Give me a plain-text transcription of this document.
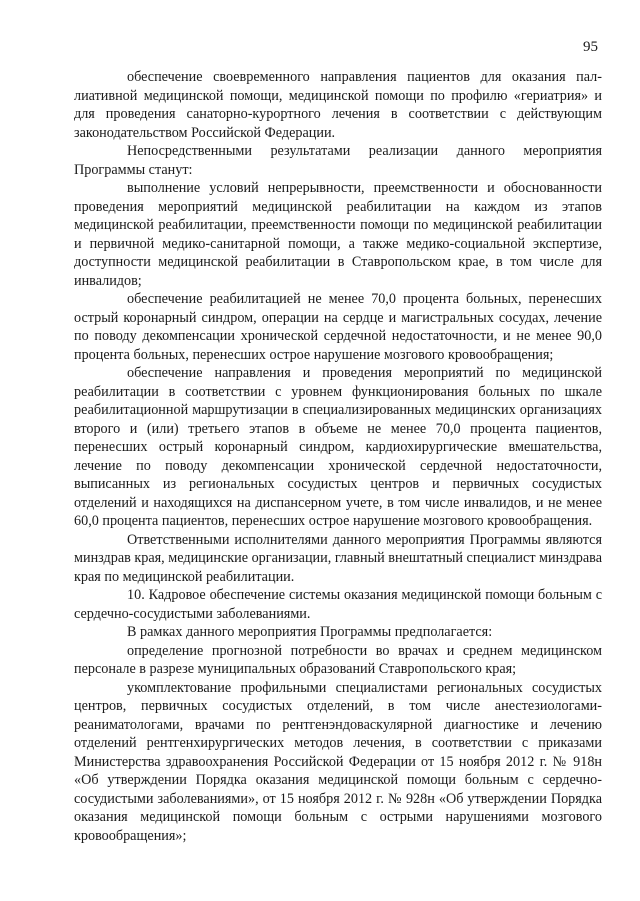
95

обеспечение своевременного направления пациентов для оказания паллиативной медицинской помощи, медицинской помощи по профилю «гериатрия» и для проведения санаторно-курортного лечения в соответствии с действующим законодательством Российской Федерации.

Непосредственными результатами реализации данного мероприятия Программы станут:

выполнение условий непрерывности, преемственности и обоснованности проведения мероприятий медицинской реабилитации на каждом из этапов медицинской реабилитации, преемственности помощи по медицинской реабилитации и первичной медико-санитарной помощи, а также медико-социальной экспертизе, доступности медицинской реабилитации в Ставропольском крае, в том числе для инвалидов;

обеспечение реабилитацией не менее 70,0 процента больных, перенесших острый коронарный синдром, операции на сердце и магистральных сосудах, лечение по поводу декомпенсации хронической сердечной недостаточности, и не менее 90,0 процента больных, перенесших острое нарушение мозгового кровообращения;

обеспечение направления и проведения мероприятий по медицинской реабилитации в соответствии с уровнем функционирования больных по шкале реабилитационной маршрутизации в специализированных медицинских организациях второго и (или) третьего этапов в объеме не менее 70,0 процента пациентов, перенесших острый коронарный синдром, кардиохирургические вмешательства, лечение по поводу декомпенсации хронической сердечной недостаточности, выписанных из региональных сосудистых центров и первичных сосудистых отделений и находящихся на диспансерном учете, в том числе инвалидов, и не менее 60,0 процента пациентов, перенесших острое нарушение мозгового кровообращения.

Ответственными исполнителями данного мероприятия Программы являются минздрав края, медицинские организации, главный внештатный специалист минздрава края по медицинской реабилитации.

10. Кадровое обеспечение системы оказания медицинской помощи больным с сердечно-сосудистыми заболеваниями.

В рамках данного мероприятия Программы предполагается:

определение прогнозной потребности во врачах и среднем медицинском персонале в разрезе муниципальных образований Ставропольского края;

укомплектование профильными специалистами региональных сосудистых центров, первичных сосудистых отделений, в том числе анестезиологами-реаниматологами, врачами по рентгенэндоваскулярной диагностике и лечению отделений рентгенхирургических методов лечения, в соответствии с приказами Министерства здравоохранения Российской Федерации от 15 ноября 2012 г. № 918н «Об утверждении Порядка оказания медицинской помощи больным с сердечно-сосудистыми заболеваниями», от 15 ноября 2012 г. № 928н «Об утверждении Порядка оказания медицинской помощи больным с острыми нарушениями мозгового кровообращения»;
